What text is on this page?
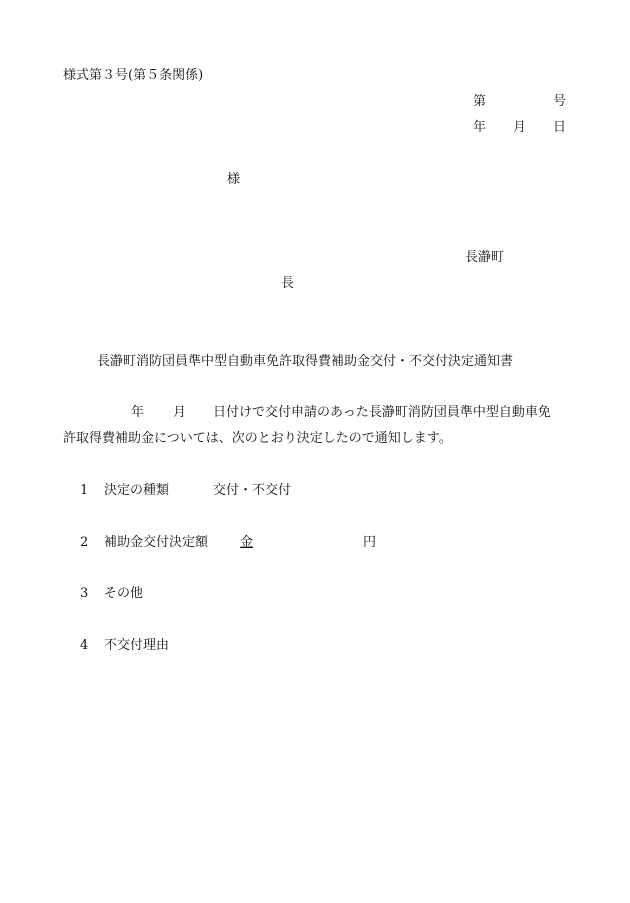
様式第３号(第５条関係)
第	号
年 月 日
様
長瀞町
長
長瀞町消防団員準中型自動車免許取得費補助金交付・不交付決定通知書
年 月 日付けで交付申請のあった長瀞町消防団員準中型自動車免
許取得費補助金については、次のとおり決定したので通知します。
1 決定の種類	交付・不交付
2 補助金交付決定額 金	円
3 その他
4 不交付理由
